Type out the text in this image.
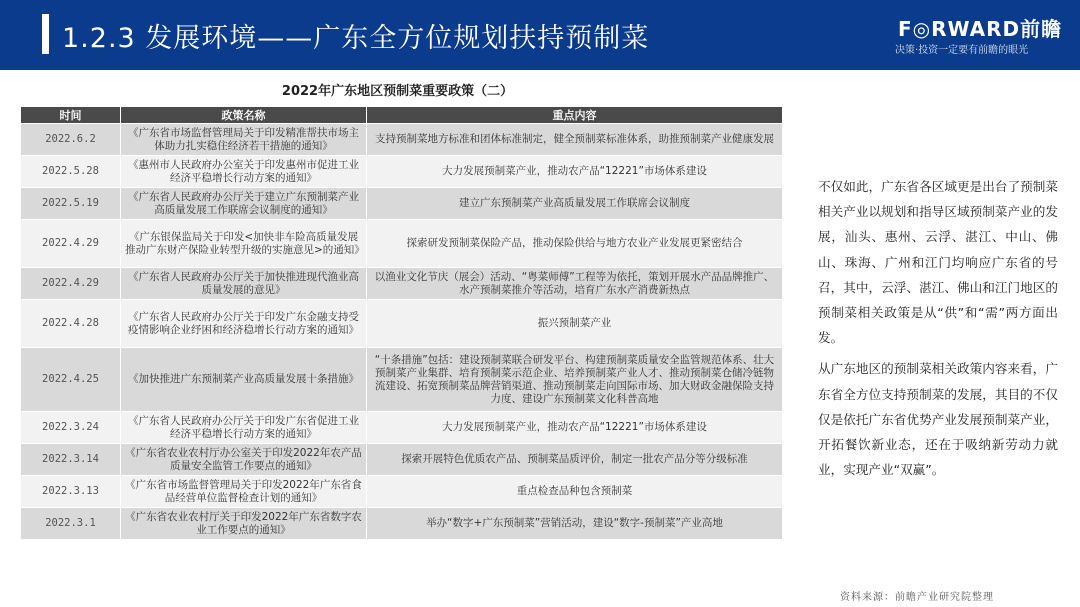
1.2.3 发展环境——广东全方位规划扶持预制菜	F◎RWARD前瞻
决策·投资一定要有前瞻的眼光
2022年广东地区预制菜重要政策（二）
时间	政策名称	重点内容
2022.6.2	《广东省市场监督管理局关于印发精准帮扶市场主体助力扎实稳住经济若干措施的通知》	支持预制菜地方标准和团体标准制定，健全预制菜标准体系，助推预制菜产业健康发展
2022.5.28	《惠州市人民政府办公室关于印发惠州市促进工业经济平稳增长行动方案的通知》	大力发展预制菜产业，推动农产品“12221”市场体系建设
2022.5.19	《广东省人民政府办公厅关于建立广东预制菜产业高质量发展工作联席会议制度的通知》	建立广东预制菜产业高质量发展工作联席会议制度
2022.4.29	《广东银保监局关于印发<加快非车险高质量发展推动广东财产保险业转型升级的实施意见>的通知》	探索研发预制菜保险产品，推动保险供给与地方农业产业发展更紧密结合
2022.4.29	《广东省人民政府办公厅关于加快推进现代渔业高质量发展的意见》	以渔业文化节庆（展会）活动、“粤菜师傅”工程等为依托，策划开展水产品品牌推广、水产预制菜推介等活动，培育广东水产消费新热点
2022.4.28	《广东省人民政府办公厅关于印发广东金融支持受疫情影响企业纾困和经济稳增长行动方案的通知》	振兴预制菜产业
2022.4.25	《加快推进广东预制菜产业高质量发展十条措施》	“十条措施”包括：建设预制菜联合研发平台、构建预制菜质量安全监管规范体系、壮大预制菜产业集群、培育预制菜示范企业、培养预制菜产业人才、推动预制菜仓储冷链物流建设、拓宽预制菜品牌营销渠道、推动预制菜走向国际市场、加大财政金融保险支持力度、建设广东预制菜文化科普高地
2022.3.24	《广东省人民政府办公厅关于印发广东省促进工业经济平稳增长行动方案的通知》	大力发展预制菜产业，推动农产品“12221”市场体系建设
2022.3.14	《广东省农业农村厅办公室关于印发2022年农产品质量安全监管工作要点的通知》	探索开展特色优质农产品、预制菜品质评价，制定一批农产品分等分级标准
2022.3.13	《广东省市场监督管理局关于印发2022年广东省食品经营单位监督检查计划的通知》	重点检查品种包含预制菜
2022.3.1	《广东省农业农村厅关于印发2022年广东省数字农业工作要点的通知》	举办“数字+广东预制菜”营销活动，建设“数字-预制菜”产业高地

不仅如此，广东省各区域更是出台了预制菜相关产业以规划和指导区域预制菜产业的发展，汕头、惠州、云浮、湛江、中山、佛山、珠海、广州和江门均响应广东省的号召，其中，云浮、湛江、佛山和江门地区的预制菜相关政策是从“供”和“需”两方面出发。

从广东地区的预制菜相关政策内容来看，广东省全方位支持预制菜的发展，其目的不仅仅是依托广东省优势产业发展预制菜产业，开拓餐饮新业态，还在于吸纳新劳动力就业，实现产业“双赢”。

资料来源：前瞻产业研究院整理
